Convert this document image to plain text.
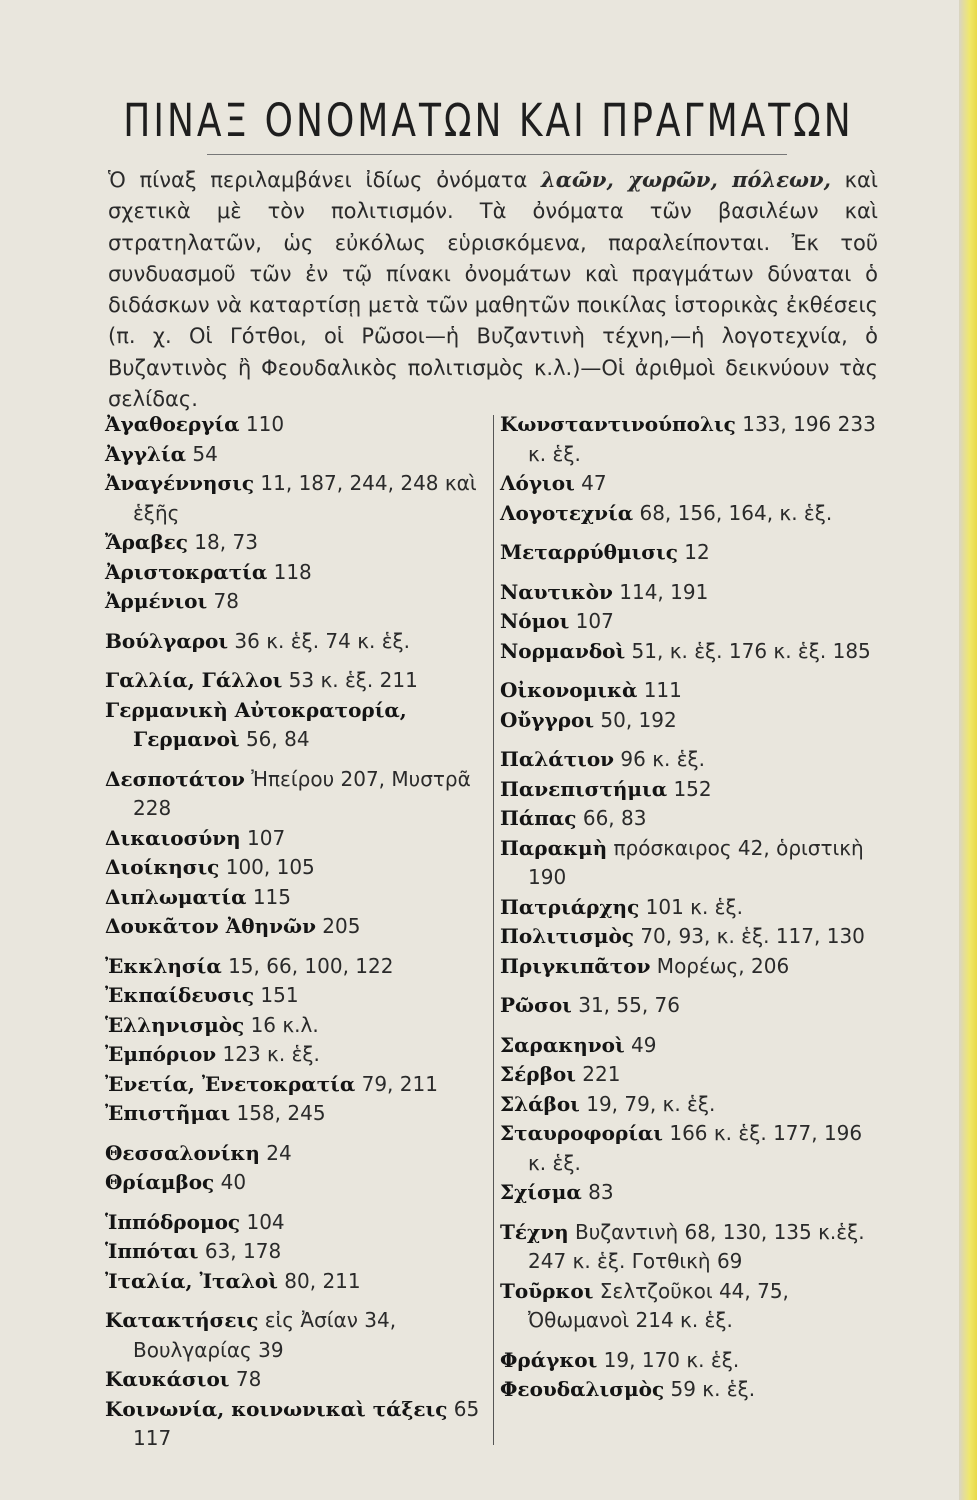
ΠΙΝΑΞ ΟΝΟΜΑΤΩΝ ΚΑΙ ΠΡΑΓΜΑΤΩΝ
Ὁ πίναξ περιλαμβάνει ἰδίως ὀνόματα λαῶν, χωρῶν, πόλεων, καὶ σχετικὰ μὲ τὸν πολιτισμόν. Τὰ ὀνόματα τῶν βασιλέων καὶ στρατηλατῶν, ὡς εὐκόλως εὑρισκόμενα, παραλείπονται. Ἐκ τοῦ συνδυασμοῦ τῶν ἐν τῷ πίνακι ὀνομάτων καὶ πραγμάτων δύναται ὁ διδάσκων νὰ καταρτίσῃ μετὰ τῶν μαθητῶν ποικίλας ἱστορικὰς ἐκθέσεις (π. χ. Οἱ Γότθοι, οἱ Ρῶσοι—ἡ Βυζαντινὴ τέχνη,—ἡ λογοτεχνία, ὁ Βυζαντινὸς ἢ Φεουδαλικὸς πολιτισμὸς κ.λ.)—Οἱ ἀριθμοὶ δεικνύουν τὰς σελίδας.
Ἀγαθοεργία 110
Ἀγγλία 54
Ἀναγέννησις 11, 187, 244, 248 καὶ ἑξῆς
Ἄραβες 18, 73
Ἀριστοκρατία 118
Ἀρμένιοι 78
Βούλγαροι 36 κ. ἑξ. 74 κ. ἑξ.
Γαλλία, Γάλλοι 53 κ. ἑξ. 211
Γερμανικὴ Αὐτοκρατορία, Γερμανοὶ 56, 84
Δεσποτάτον Ἠπείρου 207, Μυστρᾶ 228
Δικαιοσύνη 107
Διοίκησις 100, 105
Διπλωματία 115
Δουκᾶτον Ἀθηνῶν 205
Ἐκκλησία 15, 66, 100, 122
Ἐκπαίδευσις 151
Ἑλληνισμὸς 16 κ.λ.
Ἐμπόριον 123 κ. ἑξ.
Ἐνετία, Ἐνετοκρατία 79, 211
Ἐπιστῆμαι 158, 245
Θεσσαλονίκη 24
Θρίαμβος 40
Ἱππόδρομος 104
Ἱππόται 63, 178
Ἰταλία, Ἰταλοὶ 80, 211
Κατακτήσεις εἰς Ἀσίαν 34, Βουλγαρίας 39
Καυκάσιοι 78
Κοινωνία, κοινωνικαὶ τάξεις 65 117
Κωνσταντινούπολις 133, 196 233 κ. ἑξ.
Λόγιοι 47
Λογοτεχνία 68, 156, 164, κ. ἑξ.
Μεταρρύθμισις 12
Ναυτικὸν 114, 191
Νόμοι 107
Νορμανδοὶ 51, κ. ἑξ. 176 κ. ἑξ. 185
Οἰκονομικὰ 111
Οὔγγροι 50, 192
Παλάτιον 96 κ. ἑξ.
Πανεπιστήμια 152
Πάπας 66, 83
Παρακμὴ πρόσκαιρος 42, ὁριστικὴ 190
Πατριάρχης 101 κ. ἑξ.
Πολιτισμὸς 70, 93, κ. ἑξ. 117, 130
Πριγκιπᾶτον Μορέως, 206
Ρῶσοι 31, 55, 76
Σαρακηνοὶ 49
Σέρβοι 221
Σλάβοι 19, 79, κ. ἑξ.
Σταυροφορίαι 166 κ. ἑξ. 177, 196 κ. ἑξ.
Σχίσμα 83
Τέχνη Βυζαντινὴ 68, 130, 135 κ.ἑξ. 247 κ. ἑξ. Γοτθικὴ 69
Τοῦρκοι Σελτζοῦκοι 44, 75, Ὀθωμανοὶ 214 κ. ἑξ.
Φράγκοι 19, 170 κ. ἑξ.
Φεουδαλισμὸς 59 κ. ἑξ.
